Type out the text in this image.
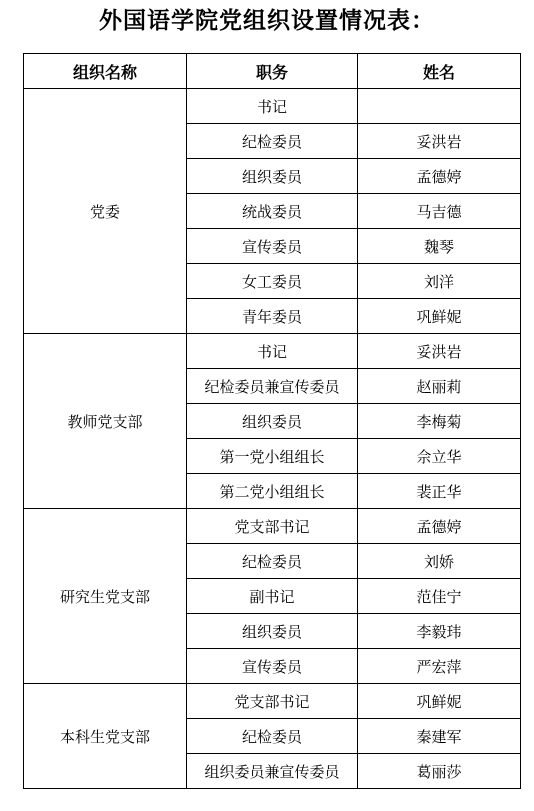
外国语学院党组织设置情况表：
组织名称	职务	姓名
党委	书记	
	纪检委员	妥洪岩
	组织委员	孟德婷
	统战委员	马吉德
	宣传委员	魏琴
	女工委员	刘洋
	青年委员	巩鲜妮
教师党支部	书记	妥洪岩
	纪检委员兼宣传委员	赵丽莉
	组织委员	李梅菊
	第一党小组组长	佘立华
	第二党小组组长	裴正华
研究生党支部	党支部书记	孟德婷
	纪检委员	刘娇
	副书记	范佳宁
	组织委员	李毅玮
	宣传委员	严宏萍
本科生党支部	党支部书记	巩鲜妮
	纪检委员	秦建军
	组织委员兼宣传委员	葛丽莎
